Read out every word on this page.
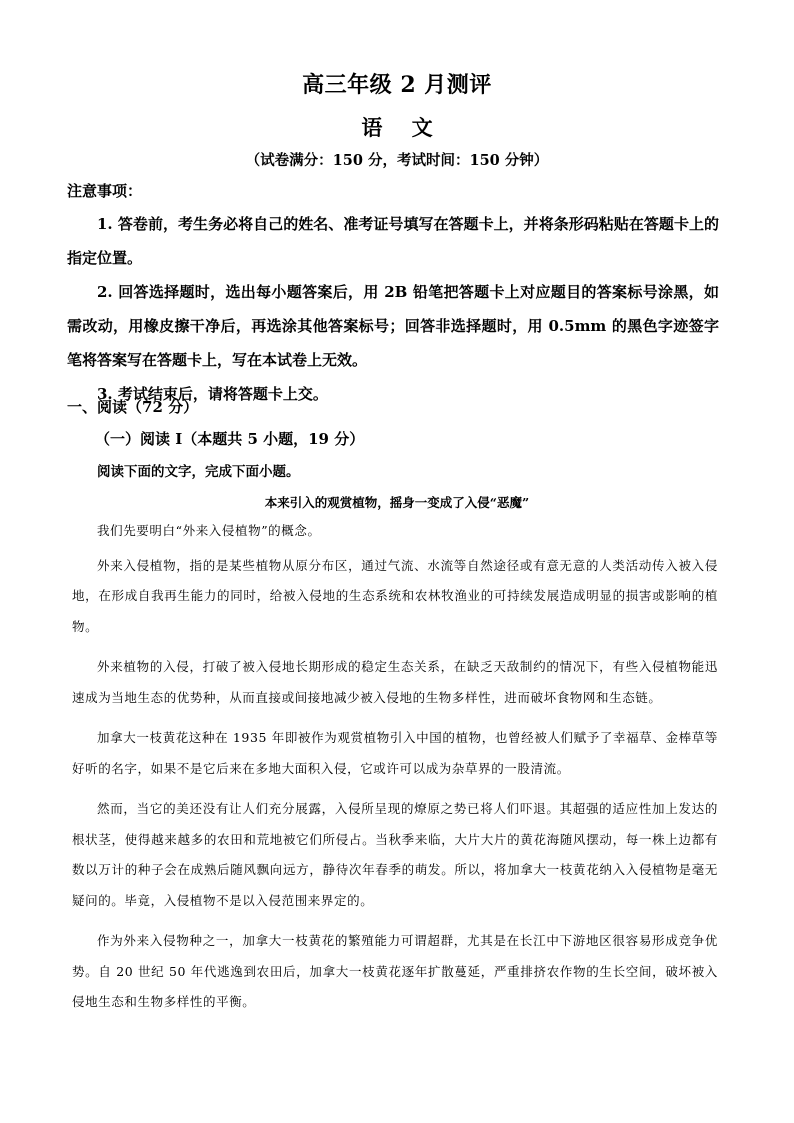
高三年级 2 月测评
语 文
（试卷满分：150 分，考试时间：150 分钟）
注意事项：

1. 答卷前，考生务必将自己的姓名、准考证号填写在答题卡上，并将条形码粘贴在答题卡上的指定位置。

2. 回答选择题时，选出每小题答案后，用 2B 铅笔把答题卡上对应题目的答案标号涂黑，如需改动，用橡皮擦干净后，再选涂其他答案标号；回答非选择题时，用 0.5mm 的黑色字迹签字笔将答案写在答题卡上，写在本试卷上无效。

3. 考试结束后，请将答题卡上交。

一、阅读（72 分）
（一）阅读 I（本题共 5 小题，19 分）
阅读下面的文字，完成下面小题。
本来引入的观赏植物，摇身一变成了入侵“恶魔”

我们先要明白“外来入侵植物”的概念。

外来入侵植物，指的是某些植物从原分布区，通过气流、水流等自然途径或有意无意的人类活动传入被入侵地，在形成自我再生能力的同时，给被入侵地的生态系统和农林牧渔业的可持续发展造成明显的损害或影响的植物。

外来植物的入侵，打破了被入侵地长期形成的稳定生态关系，在缺乏天敌制约的情况下，有些入侵植物能迅速成为当地生态的优势种，从而直接或间接地减少被入侵地的生物多样性，进而破坏食物网和生态链。

加拿大一枝黄花这种在 1935 年即被作为观赏植物引入中国的植物，也曾经被人们赋予了幸福草、金棒草等好听的名字，如果不是它后来在多地大面积入侵，它或许可以成为杂草界的一股清流。

然而，当它的美还没有让人们充分展露，入侵所呈现的燎原之势已将人们吓退。其超强的适应性加上发达的根状茎，使得越来越多的农田和荒地被它们所侵占。当秋季来临，大片大片的黄花海随风摆动，每一株上边都有数以万计的种子会在成熟后随风飘向远方，静待次年春季的萌发。所以，将加拿大一枝黄花纳入入侵植物是毫无疑问的。毕竟，入侵植物不是以入侵范围来界定的。

作为外来入侵物种之一，加拿大一枝黄花的繁殖能力可谓超群，尤其是在长江中下游地区很容易形成竞争优势。自 20 世纪 50 年代逃逸到农田后，加拿大一枝黄花逐年扩散蔓延，严重排挤农作物的生长空间，破坏被入侵地生态和生物多样性的平衡。
